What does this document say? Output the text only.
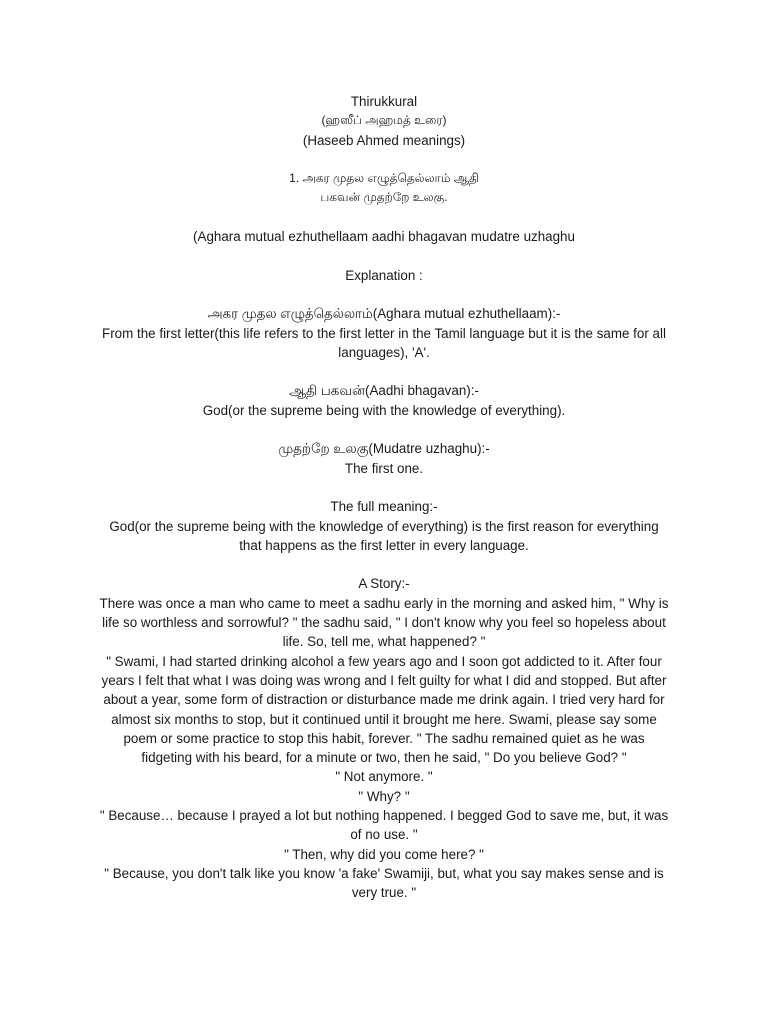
Thirukkural
(ஹஸீப் அஹமத் உரை)
(Haseeb Ahmed meanings)
1. அகர முதல எழுத்தெல்லாம் ஆதி
பகவன் முதற்றே உலகு.
(Aghara mutual ezhuthellaam aadhi bhagavan mudatre uzhaghu
Explanation :
அகர முதல எழுத்தெல்லாம்(Aghara mutual ezhuthellaam):-
From the first letter(this life refers to the first letter in the Tamil language but it is the same for all
languages), 'A'.
ஆதி பகவன்(Aadhi bhagavan):-
God(or the supreme being with the knowledge of everything).
முதற்றே உலகு(Mudatre uzhaghu):-
The first one.
The full meaning:-
God(or the supreme being with the knowledge of everything) is the first reason for everything
that happens as the first letter in every language.
A Story:-
There was once a man who came to meet a sadhu early in the morning and asked him, " Why is
life so worthless and sorrowful? " the sadhu said, " I don't know why you feel so hopeless about
life. So, tell me, what happened? "
" Swami, I had started drinking alcohol a few years ago and I soon got addicted to it. After four
years I felt that what I was doing was wrong and I felt guilty for what I did and stopped. But after
about a year, some form of distraction or disturbance made me drink again. I tried very hard for
almost six months to stop, but it continued until it brought me here. Swami, please say some
poem or some practice to stop this habit, forever. " The sadhu remained quiet as he was
fidgeting with his beard, for a minute or two, then he said, " Do you believe God? "
" Not anymore. "
" Why? "
" Because… because I prayed a lot but nothing happened. I begged God to save me, but, it was
of no use. "
" Then, why did you come here? "
" Because, you don't talk like you know 'a fake' Swamiji, but, what you say makes sense and is
very true. "
